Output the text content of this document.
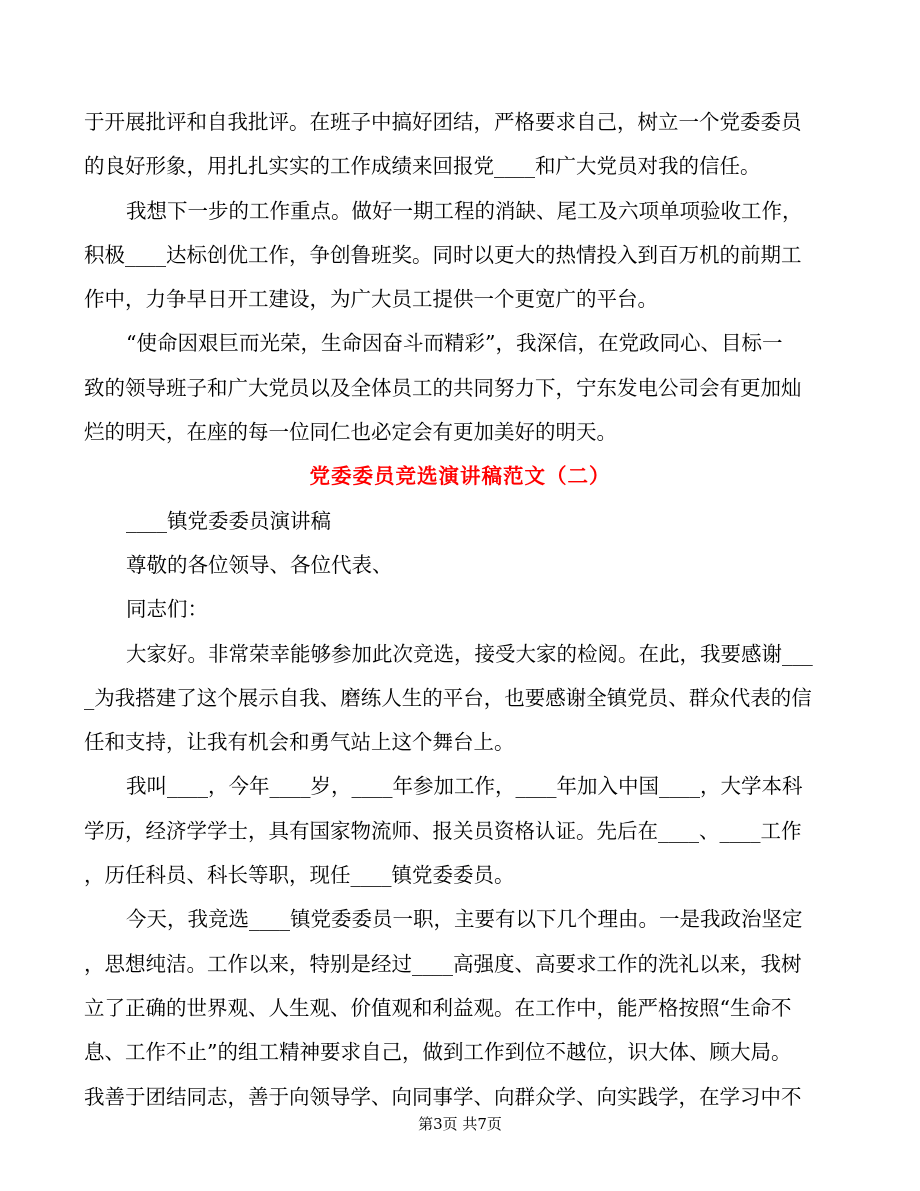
于开展批评和自我批评。在班子中搞好团结，严格要求自己，树立一个党委委员
的良好形象，用扎扎实实的工作成绩来回报党____和广大党员对我的信任。
我想下一步的工作重点。做好一期工程的消缺、尾工及六项单项验收工作，
积极____达标创优工作，争创鲁班奖。同时以更大的热情投入到百万机的前期工
作中，力争早日开工建设，为广大员工提供一个更宽广的平台。
“使命因艰巨而光荣，生命因奋斗而精彩”，我深信，在党政同心、目标一
致的领导班子和广大党员以及全体员工的共同努力下，宁东发电公司会有更加灿
烂的明天，在座的每一位同仁也必定会有更加美好的明天。
党委委员竞选演讲稿范文（二）
____镇党委委员演讲稿
尊敬的各位领导、各位代表、
同志们：
大家好。非常荣幸能够参加此次竞选，接受大家的检阅。在此，我要感谢___
_为我搭建了这个展示自我、磨练人生的平台，也要感谢全镇党员、群众代表的信
任和支持，让我有机会和勇气站上这个舞台上。
我叫____，今年____岁，____年参加工作，____年加入中国____，大学本科
学历，经济学学士，具有国家物流师、报关员资格认证。先后在____、____工作
，历任科员、科长等职，现任____镇党委委员。
今天，我竞选____镇党委委员一职，主要有以下几个理由。一是我政治坚定
，思想纯洁。工作以来，特别是经过____高强度、高要求工作的洗礼以来，我树
立了正确的世界观、人生观、价值观和利益观。在工作中，能严格按照“生命不
息、工作不止”的组工精神要求自己，做到工作到位不越位，识大体、顾大局。
我善于团结同志，善于向领导学、向同事学、向群众学、向实践学，在学习中不
第3页 共7页
